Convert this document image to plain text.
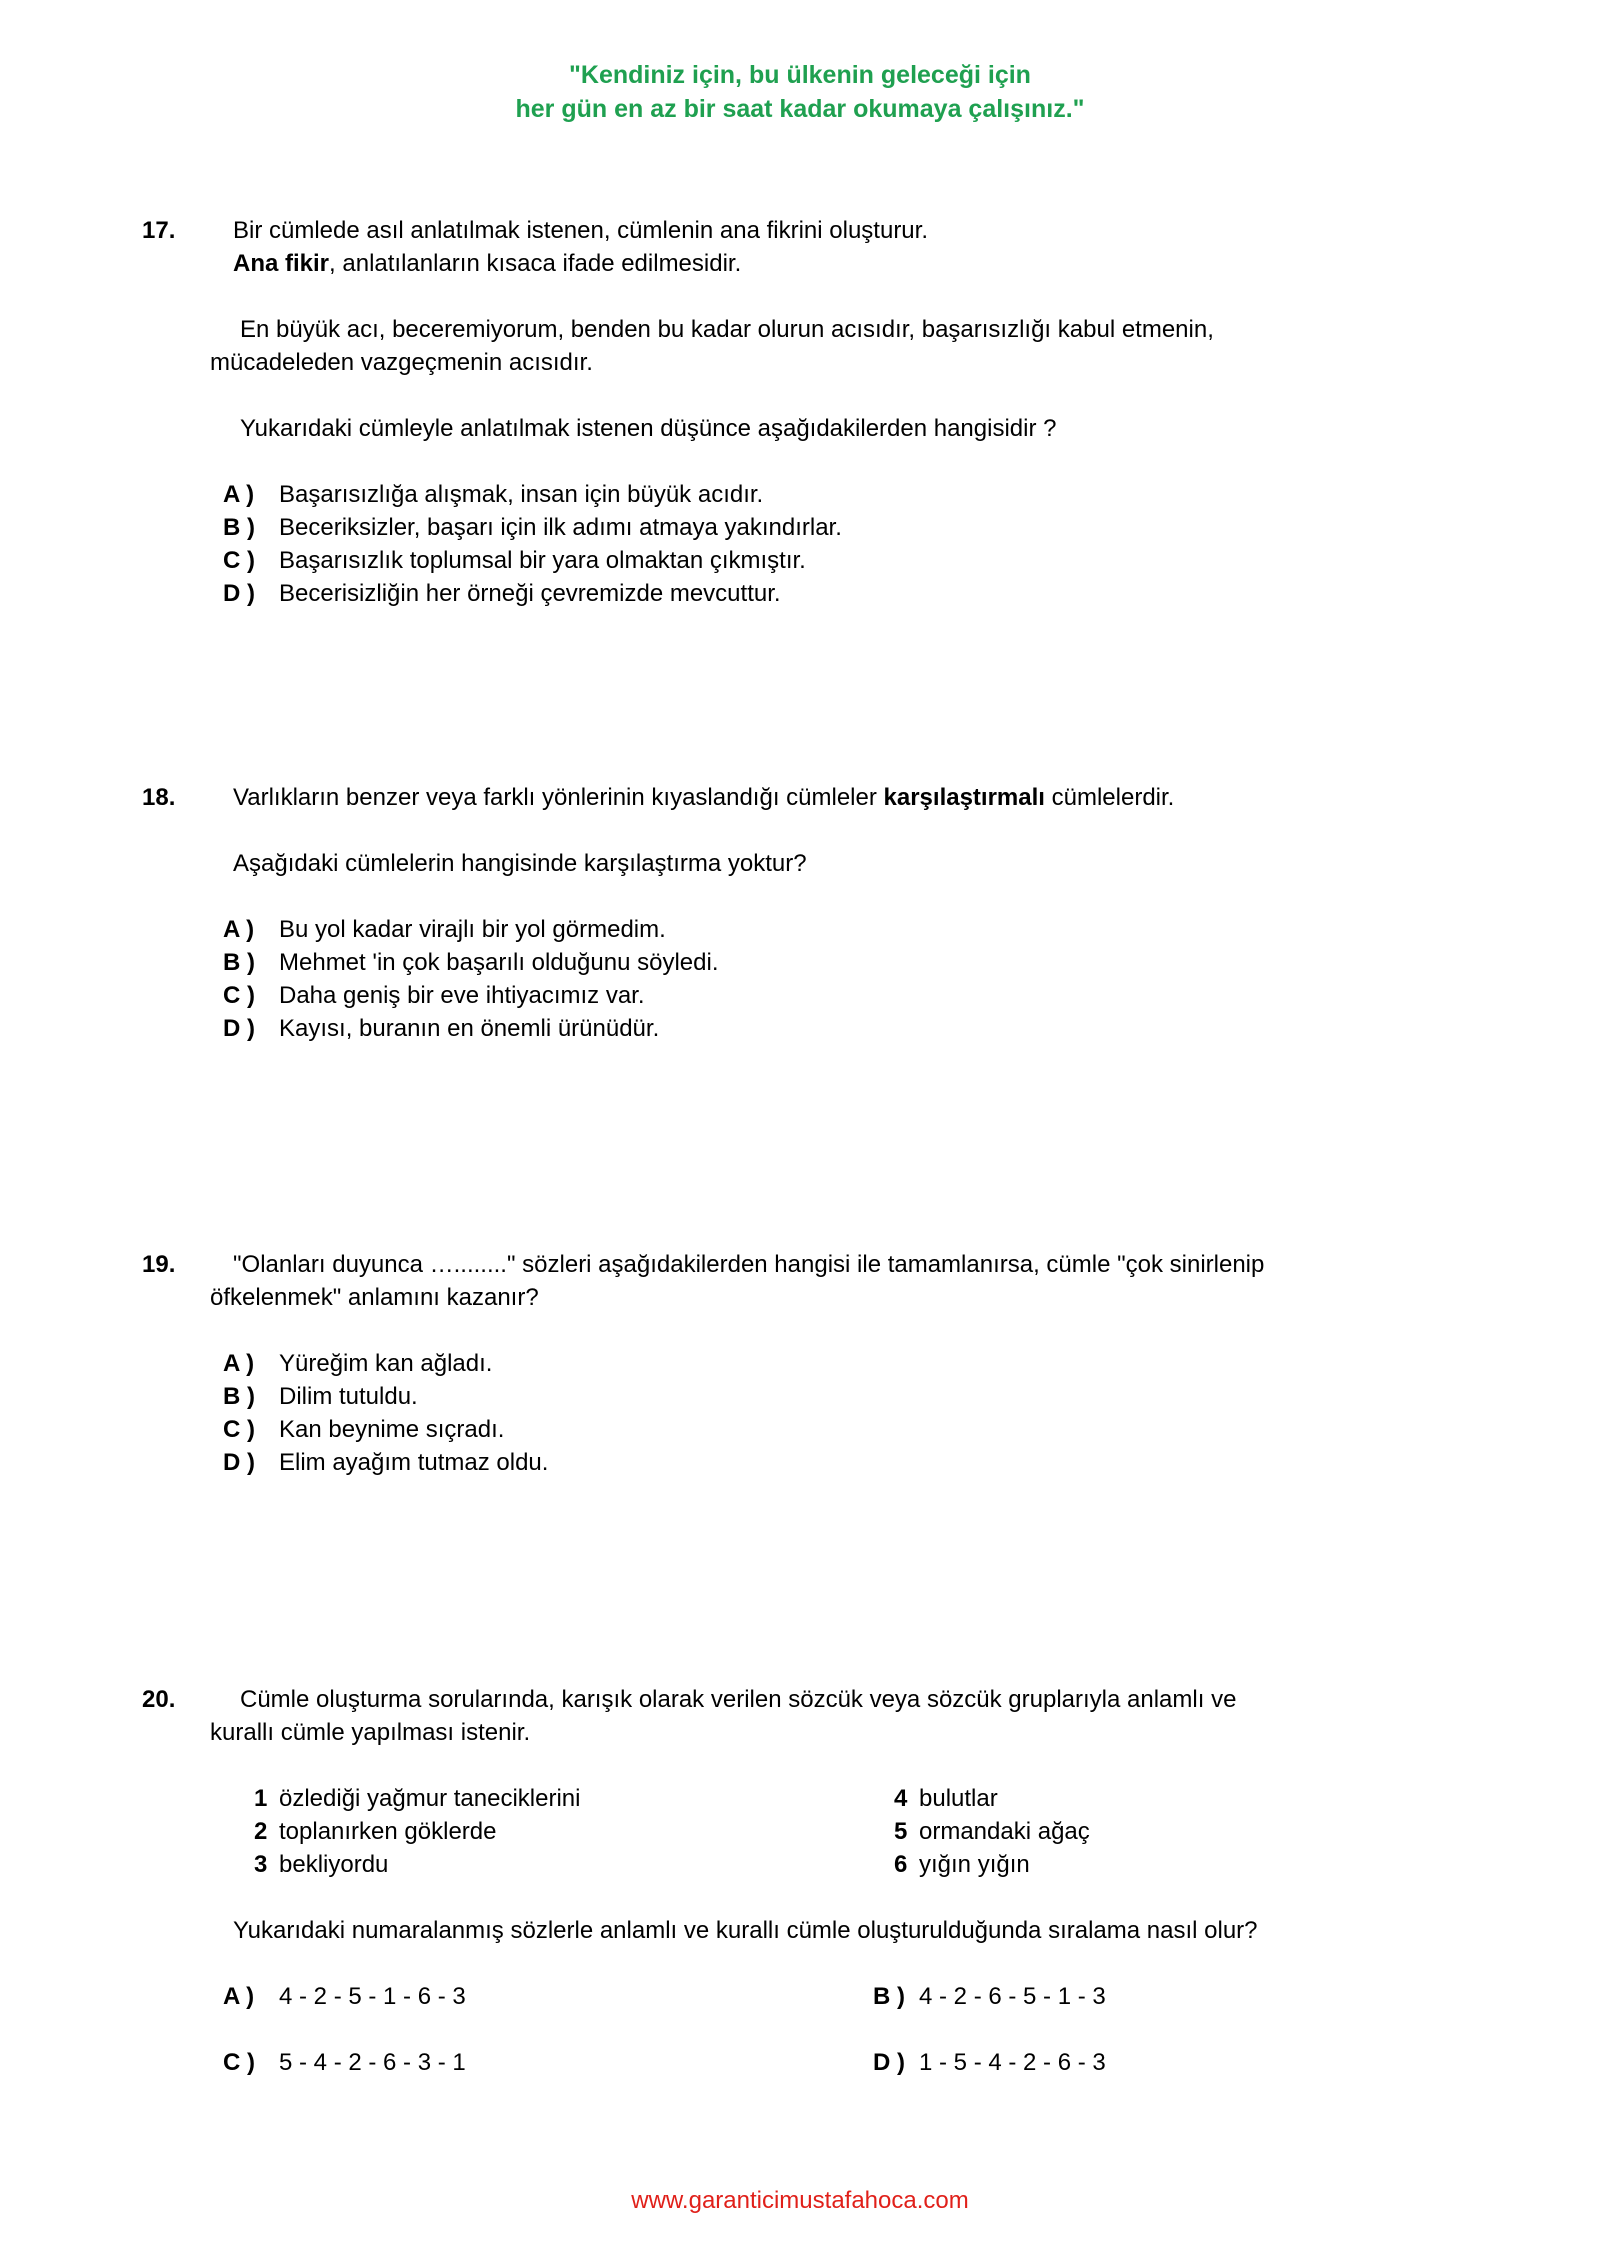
"Kendiniz için, bu ülkenin geleceği için
her gün en az bir saat kadar okumaya çalışınız."
17. Bir cümlede asıl anlatılmak istenen, cümlenin ana fikrini oluşturur.
Ana fikir, anlatılanların kısaca ifade edilmesidir.
En büyük acı, beceremiyorum, benden bu kadar olurun acısıdır, başarısızlığı kabul etmenin,
mücadeleden vazgeçmenin acısıdır.
Yukarıdaki cümleyle anlatılmak istenen düşünce aşağıdakilerden hangisidir ?
A ) Başarısızlığa alışmak, insan için büyük acıdır.
B ) Beceriksizler, başarı için ilk adımı atmaya yakındırlar.
C ) Başarısızlık toplumsal bir yara olmaktan çıkmıştır.
D ) Becerisizliğin her örneği çevremizde mevcuttur.
18. Varlıkların benzer veya farklı yönlerinin kıyaslandığı cümleler karşılaştırmalı cümlelerdir.
Aşağıdaki cümlelerin hangisinde karşılaştırma yoktur?
A ) Bu yol kadar virajlı bir yol görmedim.
B ) Mehmet 'in çok başarılı olduğunu söyledi.
C ) Daha geniş bir eve ihtiyacımız var.
D ) Kayısı, buranın en önemli ürünüdür.
19. "Olanları duyunca …........" sözleri aşağıdakilerden hangisi ile tamamlanırsa, cümle "çok sinirlenip
öfkelenmek" anlamını kazanır?
A ) Yüreğim kan ağladı.
B ) Dilim tutuldu.
C ) Kan beynime sıçradı.
D ) Elim ayağım tutmaz oldu.
20.	Cümle oluşturma sorularında, karışık olarak verilen sözcük veya sözcük gruplarıyla anlamlı ve
kurallı cümle yapılması istenir.
1 özlediği yağmur taneciklerini
2 toplanırken göklerde
3 bekliyordu
4 bulutlar
5 ormandaki ağaç
6 yığın yığın
Yukarıdaki numaralanmış sözlerle anlamlı ve kurallı cümle oluşturulduğunda sıralama nasıl olur?
A ) 4 - 2 - 5 - 1 - 6 - 3	B ) 4 - 2 - 6 - 5 - 1 - 3
C ) 5 - 4 - 2 - 6 - 3 - 1	D ) 1 - 5 - 4 - 2 - 6 - 3
www.garanticimustafahoca.com
